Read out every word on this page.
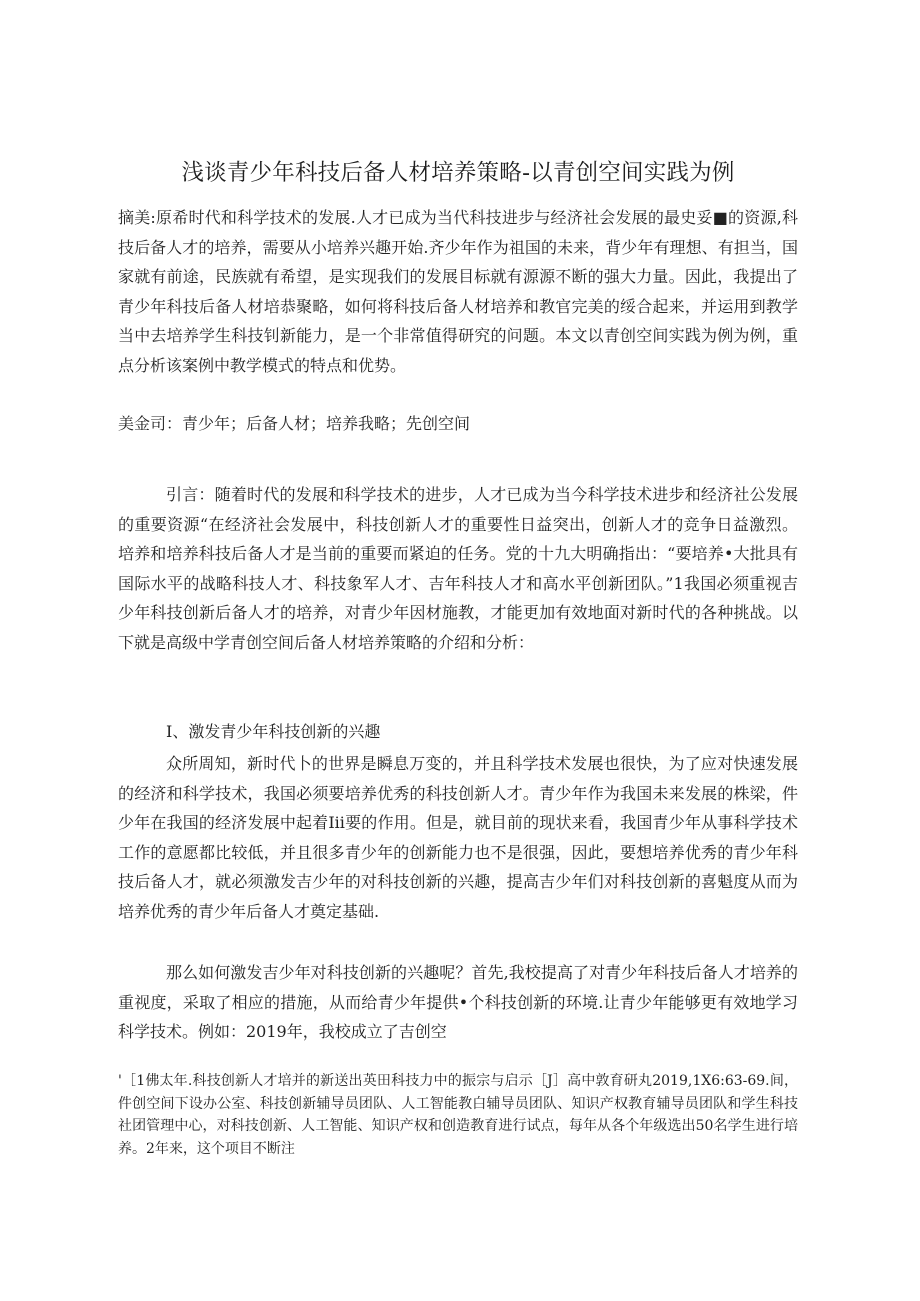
浅谈青少年科技后备人材培养策略-以青创空间实践为例

摘美:原希时代和科学技术的发展.人才已成为当代科技进步与经济社会发展的最史妥■的资源,科技后备人才的培养，需要从小培养兴趣开始.齐少年作为祖国的未来，背少年有理想、有担当，国家就有前途，民族就有希望，是实现我们的发展目标就有源源不断的强大力量。因此，我提出了青少年科技后备人材培恭聚略，如何将科技后备人材培养和教官完美的绥合起来，并运用到教学当中去培养学生科技钊新能力，是一个非常值得研究的问题。本文以青创空间实践为例为例，重点分析该案例中教学模式的特点和优势。

美金司：青少年；后备人材；培养我略；先创空间

引言：随着时代的发展和科学技术的进步，人才已成为当今科学技术进步和经济社公发展的重要资源“在经济社会发展中，科技创新人才的重要性日益突出，创新人才的竞争日益激烈。培养和培养科技后备人才是当前的重要而紧迫的任务。党的十九大明确指出：“要培养•大批具有国际水平的战略科技人才、科技象军人才、吉年科技人才和高水平创新团队。”1我国必须重视吉少年科技创新后备人才的培养，对青少年因材施教，才能更加有效地面对新时代的各种挑战。以下就是高级中学青创空间后备人材培养策略的介绍和分析：

I、激发青少年科技创新的兴趣

众所周知，新时代卜的世界是瞬息万变的，并且科学技术发展也很快，为了应对快速发展的经济和科学技术，我国必须要培养优秀的科技创新人才。青少年作为我国未来发展的株梁，件少年在我国的经济发展中起着Iii要的作用。但是，就目前的现状来看，我国青少年从事科学技术工作的意愿都比较低，并且很多青少年的创新能力也不是很强，因此，要想培养优秀的青少年科技后备人才，就必须激发吉少年的对科技创新的兴趣，提高吉少年们对科技创新的喜魁度从而为培养优秀的青少年后备人才奠定基础.

那么如何激发吉少年对科技创新的兴趣呢？首先,我校提高了对青少年科技后备人才培养的重视度，采取了相应的措施，从而给青少年提供•个科技创新的环境.让青少年能够更有效地学习科学技术。例如：2019年，我校成立了吉创空

'［1佛太年.科技创新人才培并的新送出英田科技力中的振宗与启示［J］高中敦育研丸2019,1X6:63-69.间，件创空间下设办公室、科技创新辅导员团队、人工智能教白辅导员团队、知识产权教育辅导员团队和学生科技社团管理中心，对科技创新、人工智能、知识产权和创造教育进行试点，每年从各个年级选出50名学生进行培养。2年来，这个项目不断注
